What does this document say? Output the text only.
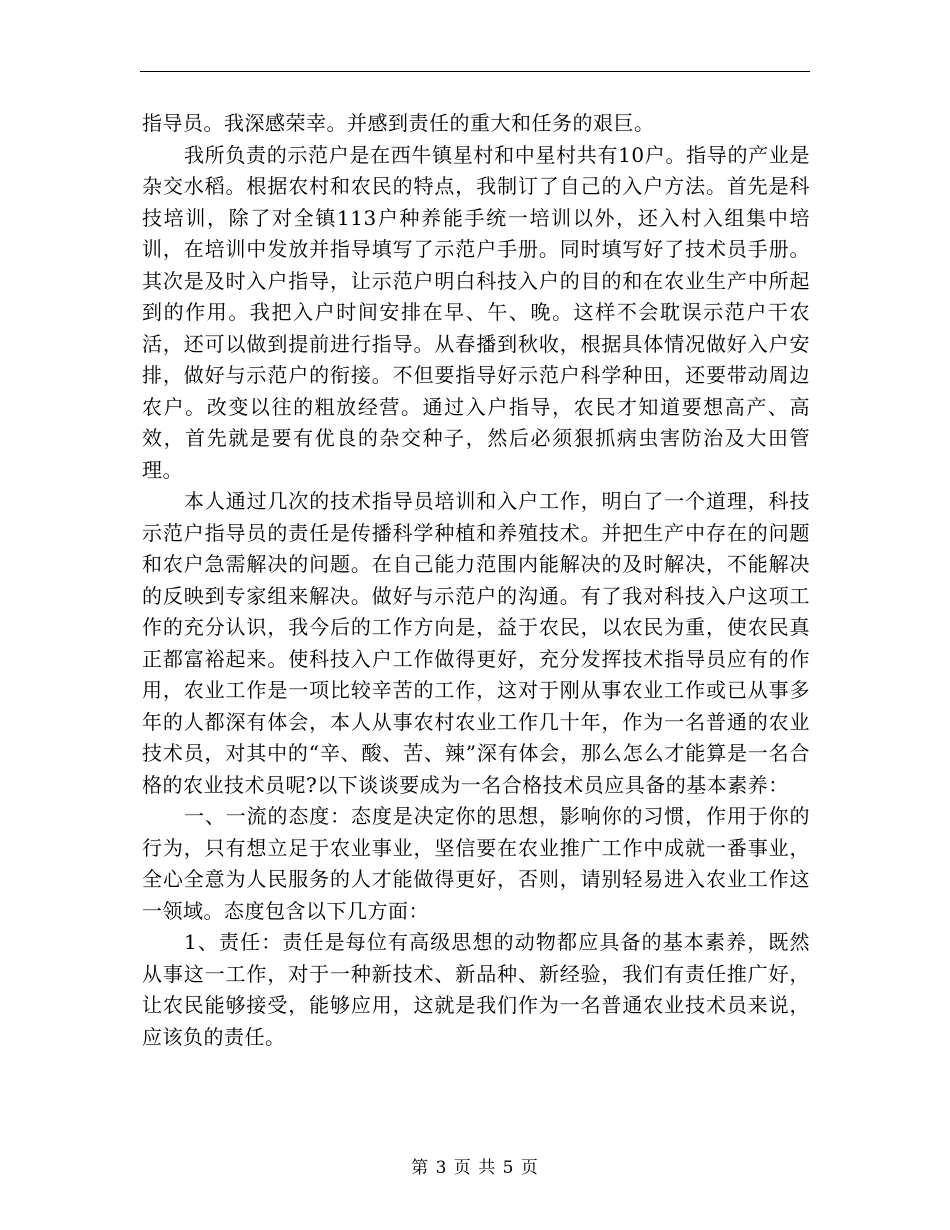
指导员。我深感荣幸。并感到责任的重大和任务的艰巨。

我所负责的示范户是在西牛镇星村和中星村共有10户。指导的产业是杂交水稻。根据农村和农民的特点，我制订了自己的入户方法。首先是科技培训，除了对全镇113户种养能手统一培训以外，还入村入组集中培训，在培训中发放并指导填写了示范户手册。同时填写好了技术员手册。其次是及时入户指导，让示范户明白科技入户的目的和在农业生产中所起到的作用。我把入户时间安排在早、午、晚。这样不会耽误示范户干农活，还可以做到提前进行指导。从春播到秋收，根据具体情况做好入户安排，做好与示范户的衔接。不但要指导好示范户科学种田，还要带动周边农户。改变以往的粗放经营。通过入户指导，农民才知道要想高产、高效，首先就是要有优良的杂交种子，然后必须狠抓病虫害防治及大田管理。

本人通过几次的技术指导员培训和入户工作，明白了一个道理，科技示范户指导员的责任是传播科学种植和养殖技术。并把生产中存在的问题和农户急需解决的问题。在自己能力范围内能解决的及时解决，不能解决的反映到专家组来解决。做好与示范户的沟通。有了我对科技入户这项工作的充分认识，我今后的工作方向是，益于农民，以农民为重，使农民真正都富裕起来。使科技入户工作做得更好，充分发挥技术指导员应有的作用，农业工作是一项比较辛苦的工作，这对于刚从事农业工作或已从事多年的人都深有体会，本人从事农村农业工作几十年，作为一名普通的农业技术员，对其中的“辛、酸、苦、辣”深有体会，那么怎么才能算是一名合格的农业技术员呢?以下谈谈要成为一名合格技术员应具备的基本素养：

一、一流的态度：态度是决定你的思想，影响你的习惯，作用于你的行为，只有想立足于农业事业，坚信要在农业推广工作中成就一番事业，全心全意为人民服务的人才能做得更好，否则，请别轻易进入农业工作这一领域。态度包含以下几方面：

1、责任：责任是每位有高级思想的动物都应具备的基本素养，既然从事这一工作，对于一种新技术、新品种、新经验，我们有责任推广好，让农民能够接受，能够应用，这就是我们作为一名普通农业技术员来说，应该负的责任。

第 3 页 共 5 页
